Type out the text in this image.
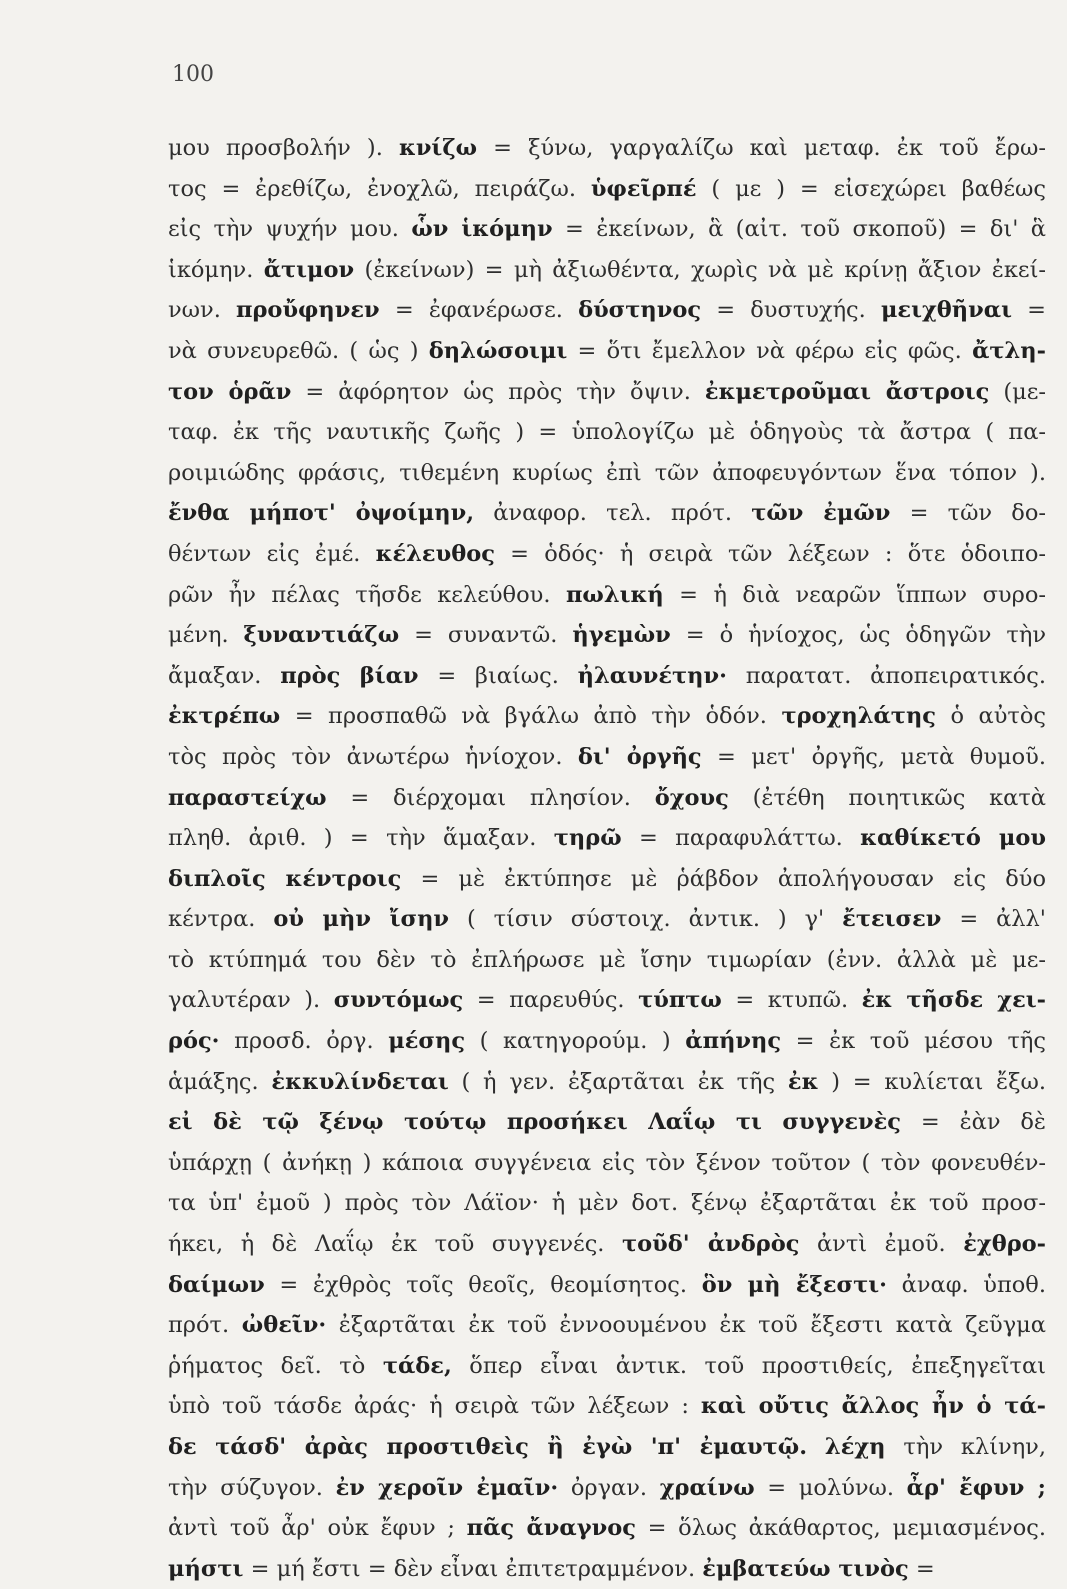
100
μου προσβολήν ). κνίζω = ξύνω, γαργαλίζω καὶ μεταφ. ἐκ τοῦ ἔρω-
τος = ἐρεθίζω, ἐνοχλῶ, πειράζω. ὑφεῖρπέ ( με ) = εἰσεχώρει βαθέως
εἰς τὴν ψυχήν μου. ὧν ἱκόμην = ἐκείνων, ἃ (αἰτ. τοῦ σκοποῦ) = δι' ἃ
ἱκόμην. ἄτιμον (ἐκείνων) = μὴ ἀξιωθέντα, χωρὶς νὰ μὲ κρίνῃ ἄξιον ἐκεί-
νων. προὔφηνεν = ἐφανέρωσε. δύστηνος = δυστυχής. μειχθῆναι =
νὰ συνευρεθῶ. ( ὡς ) δηλώσοιμι = ὅτι ἔμελλον νὰ φέρω εἰς φῶς. ἄτλη-
τον ὁρᾶν = ἀφόρητον ὡς πρὸς τὴν ὄψιν. ἐκμετροῦμαι ἄστροις (με-
ταφ. ἐκ τῆς ναυτικῆς ζωῆς ) = ὑπολογίζω μὲ ὁδηγοὺς τὰ ἄστρα ( πα-
ροιμιώδης φράσις, τιθεμένη κυρίως ἐπὶ τῶν ἀποφευγόντων ἕνα τόπον ).
ἔνθα μήποτ' ὀψοίμην, ἀναφορ. τελ. πρότ. τῶν ἐμῶν = τῶν δο-
θέντων εἰς ἐμέ. κέλευθος = ὁδός· ἡ σειρὰ τῶν λέξεων : ὅτε ὁδοιπο-
ρῶν ἦν πέλας τῆσδε κελεύθου. πωλική = ἡ διὰ νεαρῶν ἵππων συρο-
μένη. ξυναντιάζω = συναντῶ. ἡγεμὼν = ὁ ἡνίοχος, ὡς ὁδηγῶν τὴν
ἄμαξαν. πρὸς βίαν = βιαίως. ἠλαυνέτην· παρατατ. ἀποπειρατικός.
ἐκτρέπω = προσπαθῶ νὰ βγάλω ἀπὸ τὴν ὁδόν. τροχηλάτης ὁ αὐτὸς
τὸς πρὸς τὸν ἀνωτέρω ἡνίοχον. δι' ὀργῆς = μετ' ὀργῆς, μετὰ θυμοῦ.
παραστείχω = διέρχομαι πλησίον. ὄχους (ἐτέθη ποιητικῶς κατὰ
πληθ. ἀριθ. ) = τὴν ἅμαξαν. τηρῶ = παραφυλάττω. καθίκετό μου
διπλοῖς κέντροις = μὲ ἐκτύπησε μὲ ῥάβδον ἀπολήγουσαν εἰς δύο
κέντρα. οὐ μὴν ἴσην ( τίσιν σύστοιχ. ἀντικ. ) γ' ἔτεισεν = ἀλλ'
τὸ κτύπημά του δὲν τὸ ἐπλήρωσε μὲ ἴσην τιμωρίαν (ἐνν. ἀλλὰ μὲ με-
γαλυτέραν ). συντόμως = παρευθύς. τύπτω = κτυπῶ. ἐκ τῆσδε χει-
ρός· προσδ. ὀργ. μέσης ( κατηγορούμ. ) ἀπήνης = ἐκ τοῦ μέσου τῆς
ἁμάξης. ἐκκυλίνδεται ( ἡ γεν. ἐξαρτᾶται ἐκ τῆς ἐκ ) = κυλίεται ἔξω.
εἰ δὲ τῷ ξένῳ τούτῳ προσήκει Λαΐῳ τι συγγενὲς = ἐὰν δὲ
ὑπάρχῃ ( ἀνήκῃ ) κάποια συγγένεια εἰς τὸν ξένον τοῦτον ( τὸν φονευθέν-
τα ὑπ' ἐμοῦ ) πρὸς τὸν Λάϊον· ἡ μὲν δοτ. ξένῳ ἐξαρτᾶται ἐκ τοῦ προσ-
ήκει, ἡ δὲ Λαΐῳ ἐκ τοῦ συγγενές. τοῦδ' ἀνδρὸς ἀντὶ ἐμοῦ. ἐχθρο-
δαίμων = ἐχθρὸς τοῖς θεοῖς, θεομίσητος. ὃν μὴ ἔξεστι· ἀναφ. ὑποθ.
πρότ. ὠθεῖν· ἐξαρτᾶται ἐκ τοῦ ἐννοουμένου ἐκ τοῦ ἔξεστι κατὰ ζεῦγμα
ῥήματος δεῖ. τὸ τάδε, ὅπερ εἶναι ἀντικ. τοῦ προστιθείς, ἐπεξηγεῖται
ὑπὸ τοῦ τάσδε ἀράς· ἡ σειρὰ τῶν λέξεων : καὶ οὔτις ἄλλος ἦν ὁ τά-
δε τάσδ' ἀρὰς προστιθεὶς ἢ ἐγὼ 'π' ἐμαυτῷ. λέχη τὴν κλίνην,
τὴν σύζυγον. ἐν χεροῖν ἐμαῖν· ὀργαν. χραίνω = μολύνω. ἆρ' ἔφυν ;
ἀντὶ τοῦ ἆρ' οὐκ ἔφυν ; πᾶς ἄναγνος = ὅλως ἀκάθαρτος, μεμιασμένος.
μήστι = μή ἔστι = δὲν εἶναι ἐπιτετραμμένον. ἐμβατεύω τινὸς =
